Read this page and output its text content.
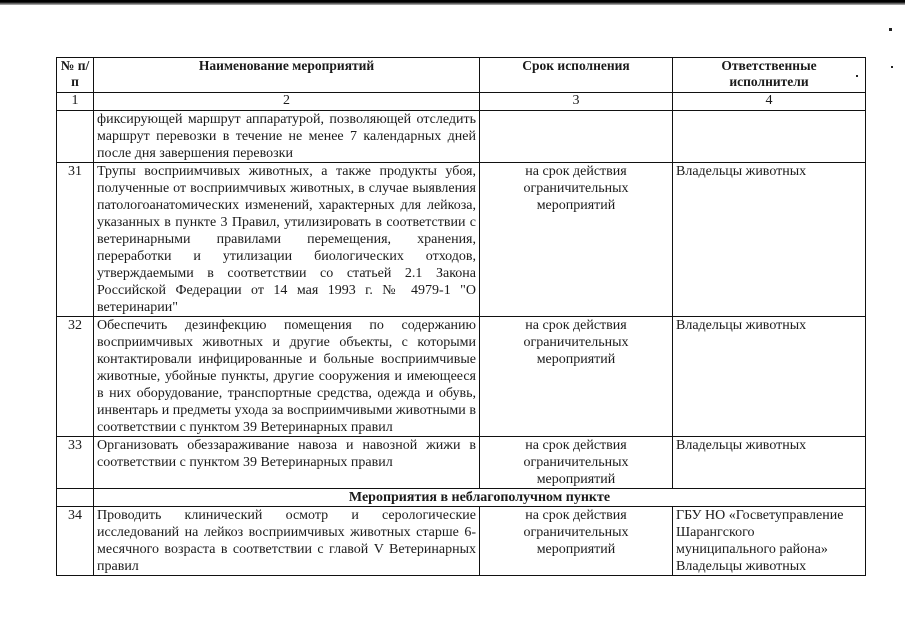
№ п/п	Наименование мероприятий	Срок исполнения	Ответственные
исполнители

1	2	3	4
	фиксирующей маршрут аппаратурой, позволяющей отследить маршрут перевозки в течение не менее 7 календарных дней после дня завершения перевозки		
31	Трупы восприимчивых животных, а также продукты убоя, полученные от восприимчивых животных, в случае выявления патологоанатомических изменений, характерных для лейкоза, указанных в пункте 3 Правил, утилизировать в соответствии с ветеринарными правилами перемещения, хранения, переработки и утилизации биологических отходов, утверждаемыми в соответствии со статьей 2.1 Закона Российской Федерации от 14 мая 1993 г. № 4979-1 "О ветеринарии"	на срок действия ограничительных мероприятий	Владельцы животных
32	Обеспечить дезинфекцию помещения по содержанию восприимчивых животных и другие объекты, с которыми контактировали инфицированные и больные восприимчивые животные, убойные пункты, другие сооружения и имеющееся в них оборудование, транспортные средства, одежда и обувь, инвентарь и предметы ухода за восприимчивыми животными в соответствии с пунктом 39 Ветеринарных правил	на срок действия ограничительных мероприятий	Владельцы животных
33	Организовать обеззараживание навоза и навозной жижи в соответствии с пунктом 39 Ветеринарных правил	на срок действия ограничительных мероприятий	Владельцы животных
	Мероприятия в неблагополучном пункте		
34	Проводить клинический осмотр и серологические исследований на лейкоз восприимчивых животных старше 6-месячного возраста в соответствии с главой V Ветеринарных правил	на срок действия ограничительных мероприятий	ГБУ НО «Госветуправление
Шарангского
муниципального района»
Владельцы животных
